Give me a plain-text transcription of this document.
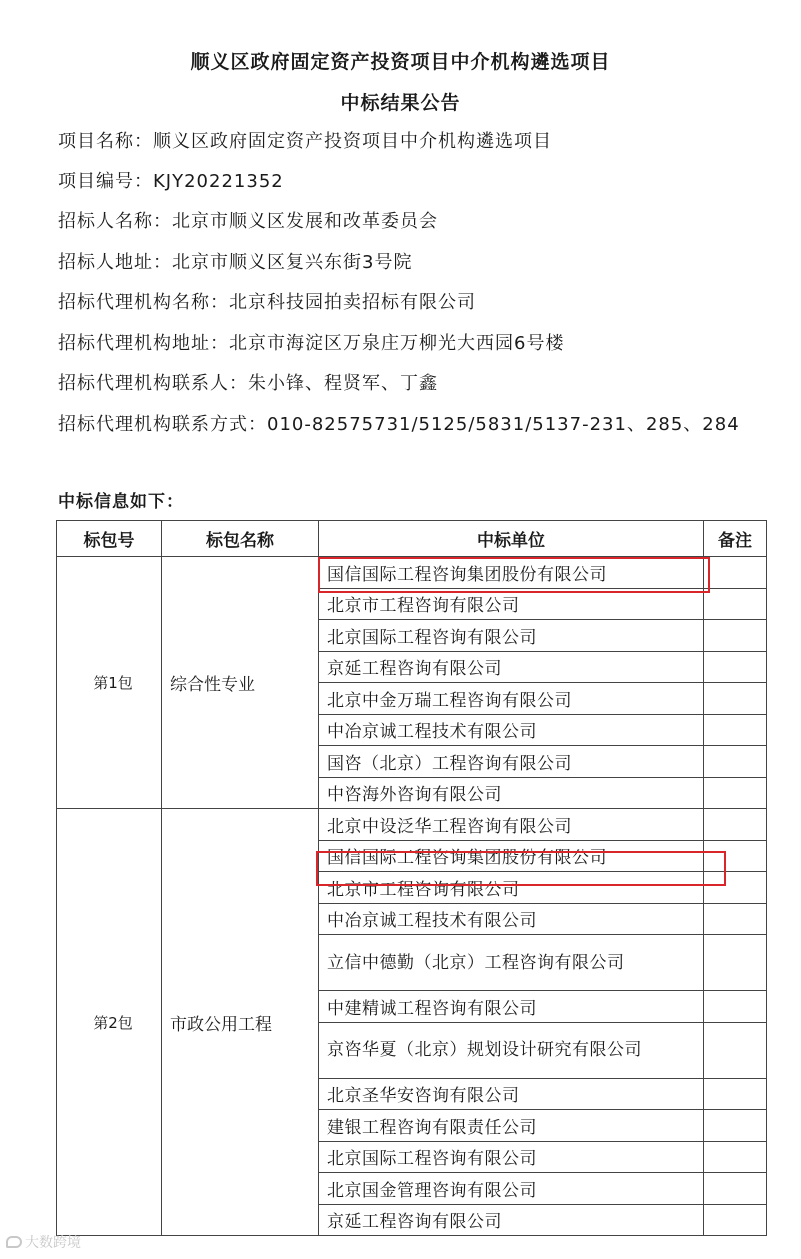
顺义区政府固定资产投资项目中介机构遴选项目
中标结果公告
项目名称：顺义区政府固定资产投资项目中介机构遴选项目
项目编号：KJY20221352
招标人名称：北京市顺义区发展和改革委员会
招标人地址：北京市顺义区复兴东街3号院
招标代理机构名称：北京科技园拍卖招标有限公司
招标代理机构地址：北京市海淀区万泉庄万柳光大西园6号楼
招标代理机构联系人：朱小锋、程贤军、丁鑫
招标代理机构联系方式：010-82575731/5125/5831/5137-231、285、284
中标信息如下：
标包号	标包名称	中标单位	备注
第1包	综合性专业	国信国际工程咨询集团股份有限公司	
		北京市工程咨询有限公司	
		北京国际工程咨询有限公司	
		京延工程咨询有限公司	
		北京中金万瑞工程咨询有限公司	
		中冶京诚工程技术有限公司	
		国咨（北京）工程咨询有限公司	
		中咨海外咨询有限公司	
第2包	市政公用工程	北京中设泛华工程咨询有限公司	
		国信国际工程咨询集团股份有限公司	
		北京市工程咨询有限公司	
		中冶京诚工程技术有限公司	
		立信中德勤（北京）工程咨询有限公司	
		中建精诚工程咨询有限公司	
		京咨华夏（北京）规划设计研究有限公司	
		北京圣华安咨询有限公司	
		建银工程咨询有限责任公司	
		北京国际工程咨询有限公司	
		北京国金管理咨询有限公司	
		京延工程咨询有限公司	
大数跨境
